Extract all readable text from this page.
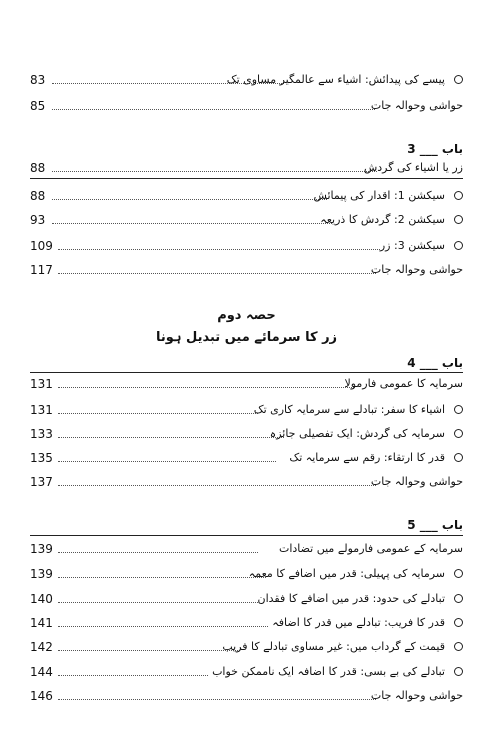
83	پیسے کی پیدائش: اشیاء سے عالمگیر مساوی تک
85	حواشی وحوالہ جات
باب ___ 3
88	زر یا اشیاء کی گردش
88	سیکشن 1: اقدار کی پیمائش
93	سیکشن 2: گردش کا ذریعہ
109	سیکشن 3: زر
117	حواشی وحوالہ جات
حصہ دوم
زر کا سرمائے میں تبدیل ہونا
باب ___ 4
131	سرمایہ کا عمومی فارمولا
131	اشیاء کا سفر: تبادلے سے سرمایہ کاری تک
133	سرمایہ کی گردش: ایک تفصیلی جائزہ
135	قدر کا ارتقاء: رقم سے سرمایہ تک
137	حواشی وحوالہ جات
باب ___ 5
139	سرمایہ کے عمومی فارمولے میں تضادات
139	سرمایہ کی پہیلی: قدر میں اضافے کا معمہ
140	تبادلے کی حدود: قدر میں اضافے کا فقدان
141	قدر کا فریب: تبادلے میں قدر کا اضافہ
142	قیمت کے گرداب میں: غیر مساوی تبادلے کا فریب
144	تبادلے کی بے بسی: قدر کا اضافہ ایک ناممکن خواب
146	حواشی وحوالہ جات
